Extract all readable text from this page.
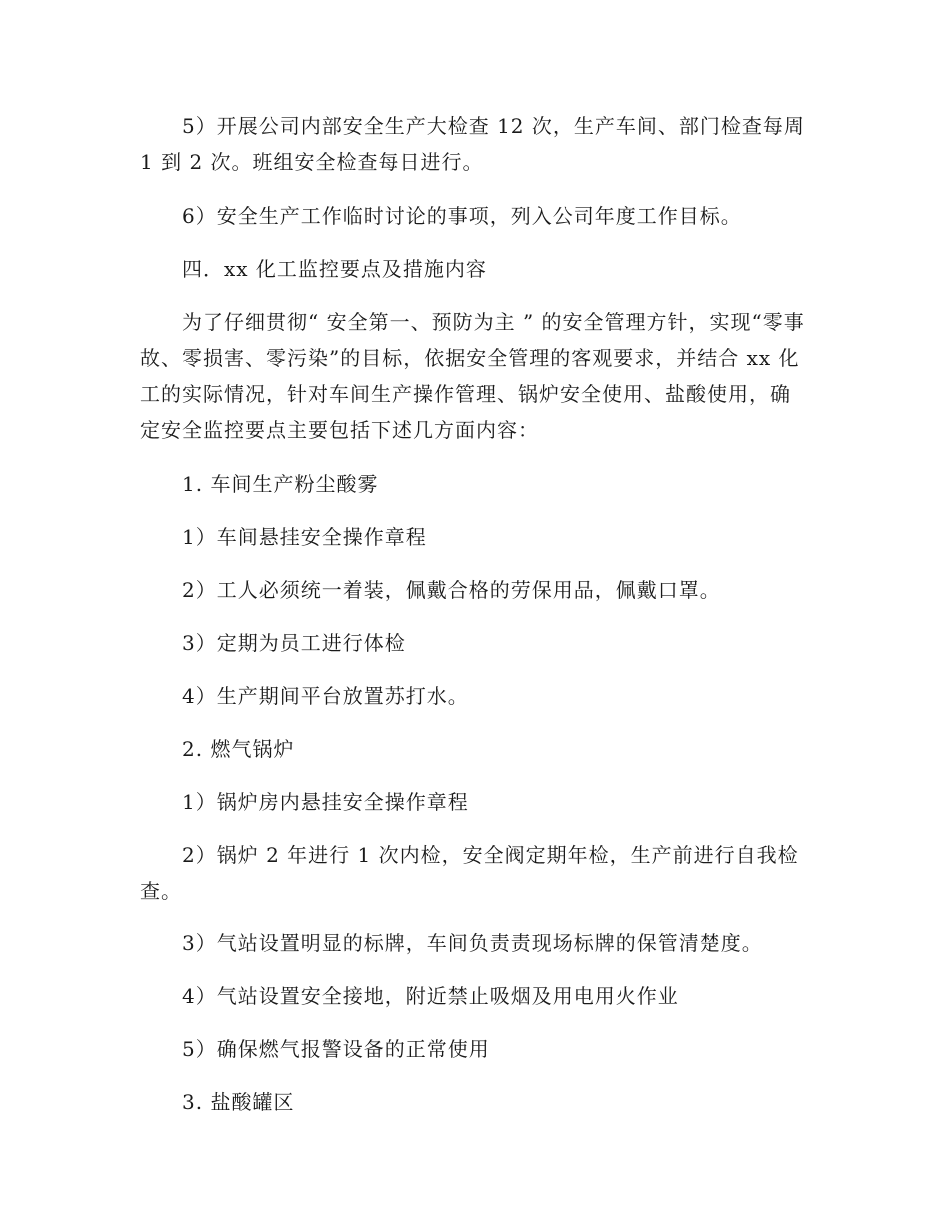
　　5）开展公司内部安全生产大检查 12 次，生产车间、部门检查每周 1 到 2 次。班组安全检查每日进行。

　　6）安全生产工作临时讨论的事项，列入公司年度工作目标。

　　四．xx 化工监控要点及措施内容

　　为了仔细贯彻“ 安全第一、预防为主 ” 的安全管理方针，实现“零事故、零损害、零污染”的目标，依据安全管理的客观要求，并结合 xx 化工的实际情况，针对车间生产操作管理、锅炉安全使用、盐酸使用，确定安全监控要点主要包括下述几方面内容：

　　1. 车间生产粉尘酸雾

　　1）车间悬挂安全操作章程

　　2）工人必须统一着装，佩戴合格的劳保用品，佩戴口罩。

　　3）定期为员工进行体检

　　4）生产期间平台放置苏打水。

　　2. 燃气锅炉

　　1）锅炉房内悬挂安全操作章程

　　2）锅炉 2 年进行 1 次内检，安全阀定期年检，生产前进行自我检查。

　　3）气站设置明显的标牌，车间负责责现场标牌的保管清楚度。

　　4）气站设置安全接地，附近禁止吸烟及用电用火作业

　　5）确保燃气报警设备的正常使用

　　3. 盐酸罐区
